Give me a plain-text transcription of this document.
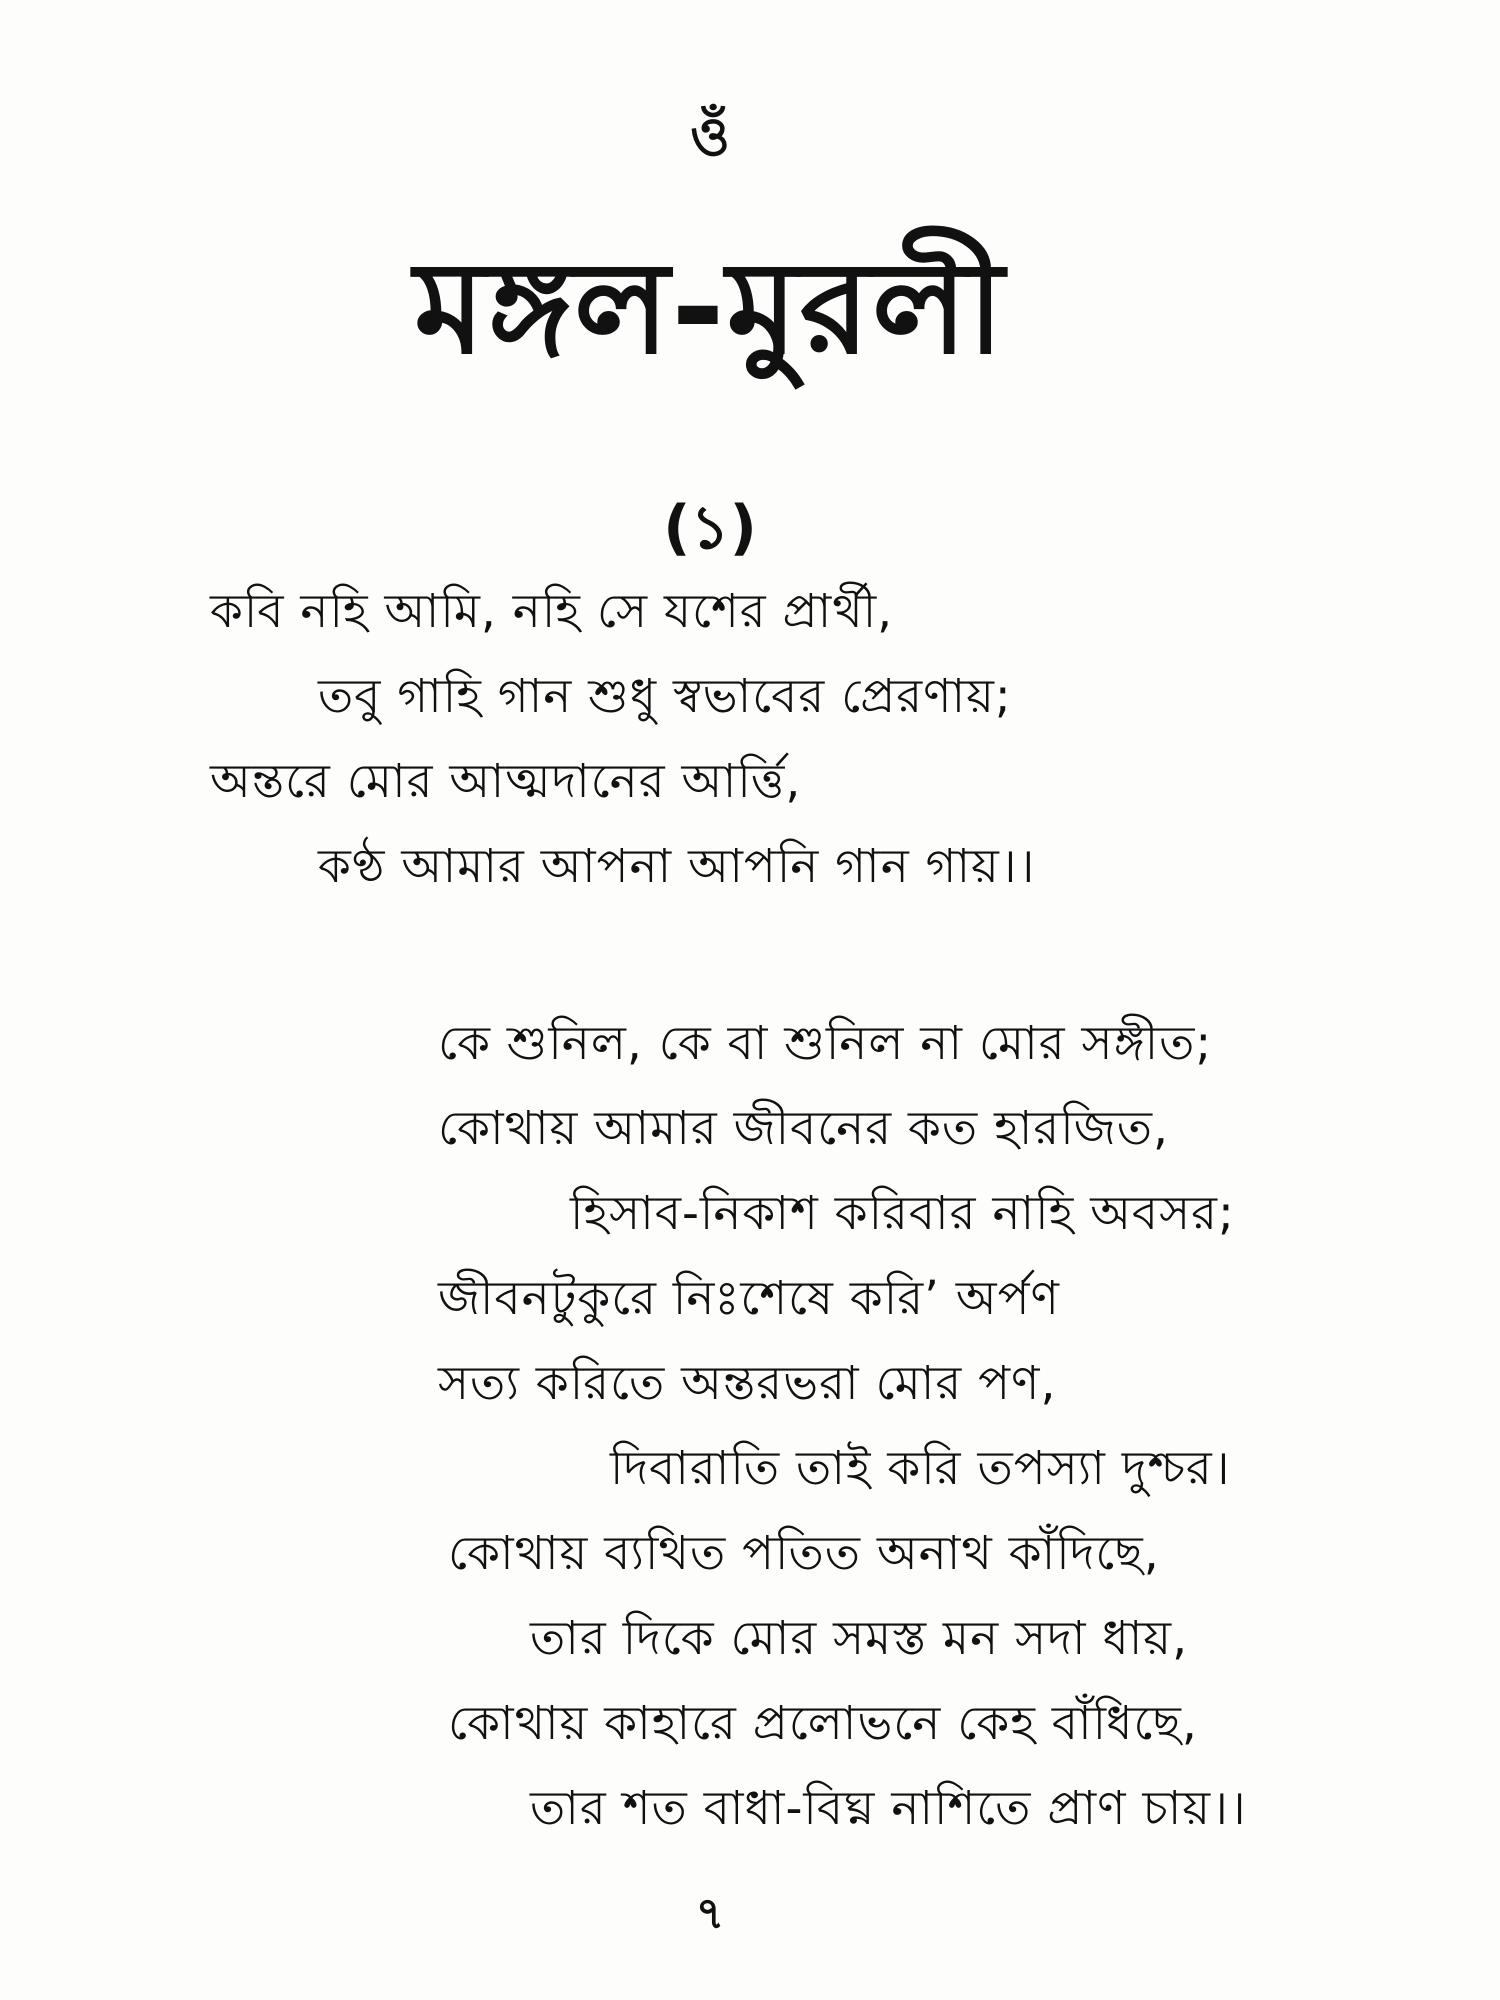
ওঁ
মঙ্গল-মুরলী
(১)
কবি নহি আমি, নহি সে যশের প্রার্থী,
তবু গাহি গান শুধু স্বভাবের প্রেরণায়;
অন্তরে মোর আত্মদানের আর্ত্তি,
কণ্ঠ আমার আপনা আপনি গান গায়।।
কে শুনিল, কে বা শুনিল না মোর সঙ্গীত;
কোথায় আমার জীবনের কত হারজিত,
হিসাব-নিকাশ করিবার নাহি অবসর;
জীবনটুকুরে নিঃশেষে করি’ অর্পণ
সত্য করিতে অন্তরভরা মোর পণ,
দিবারাতি তাই করি তপস্যা দুশ্চর।
কোথায় ব্যথিত পতিত অনাথ কাঁদিছে,
তার দিকে মোর সমস্ত মন সদা ধায়,
কোথায় কাহারে প্রলোভনে কেহ বাঁধিছে,
তার শত বাধা-বিঘ্ন নাশিতে প্রাণ চায়।।
৭
